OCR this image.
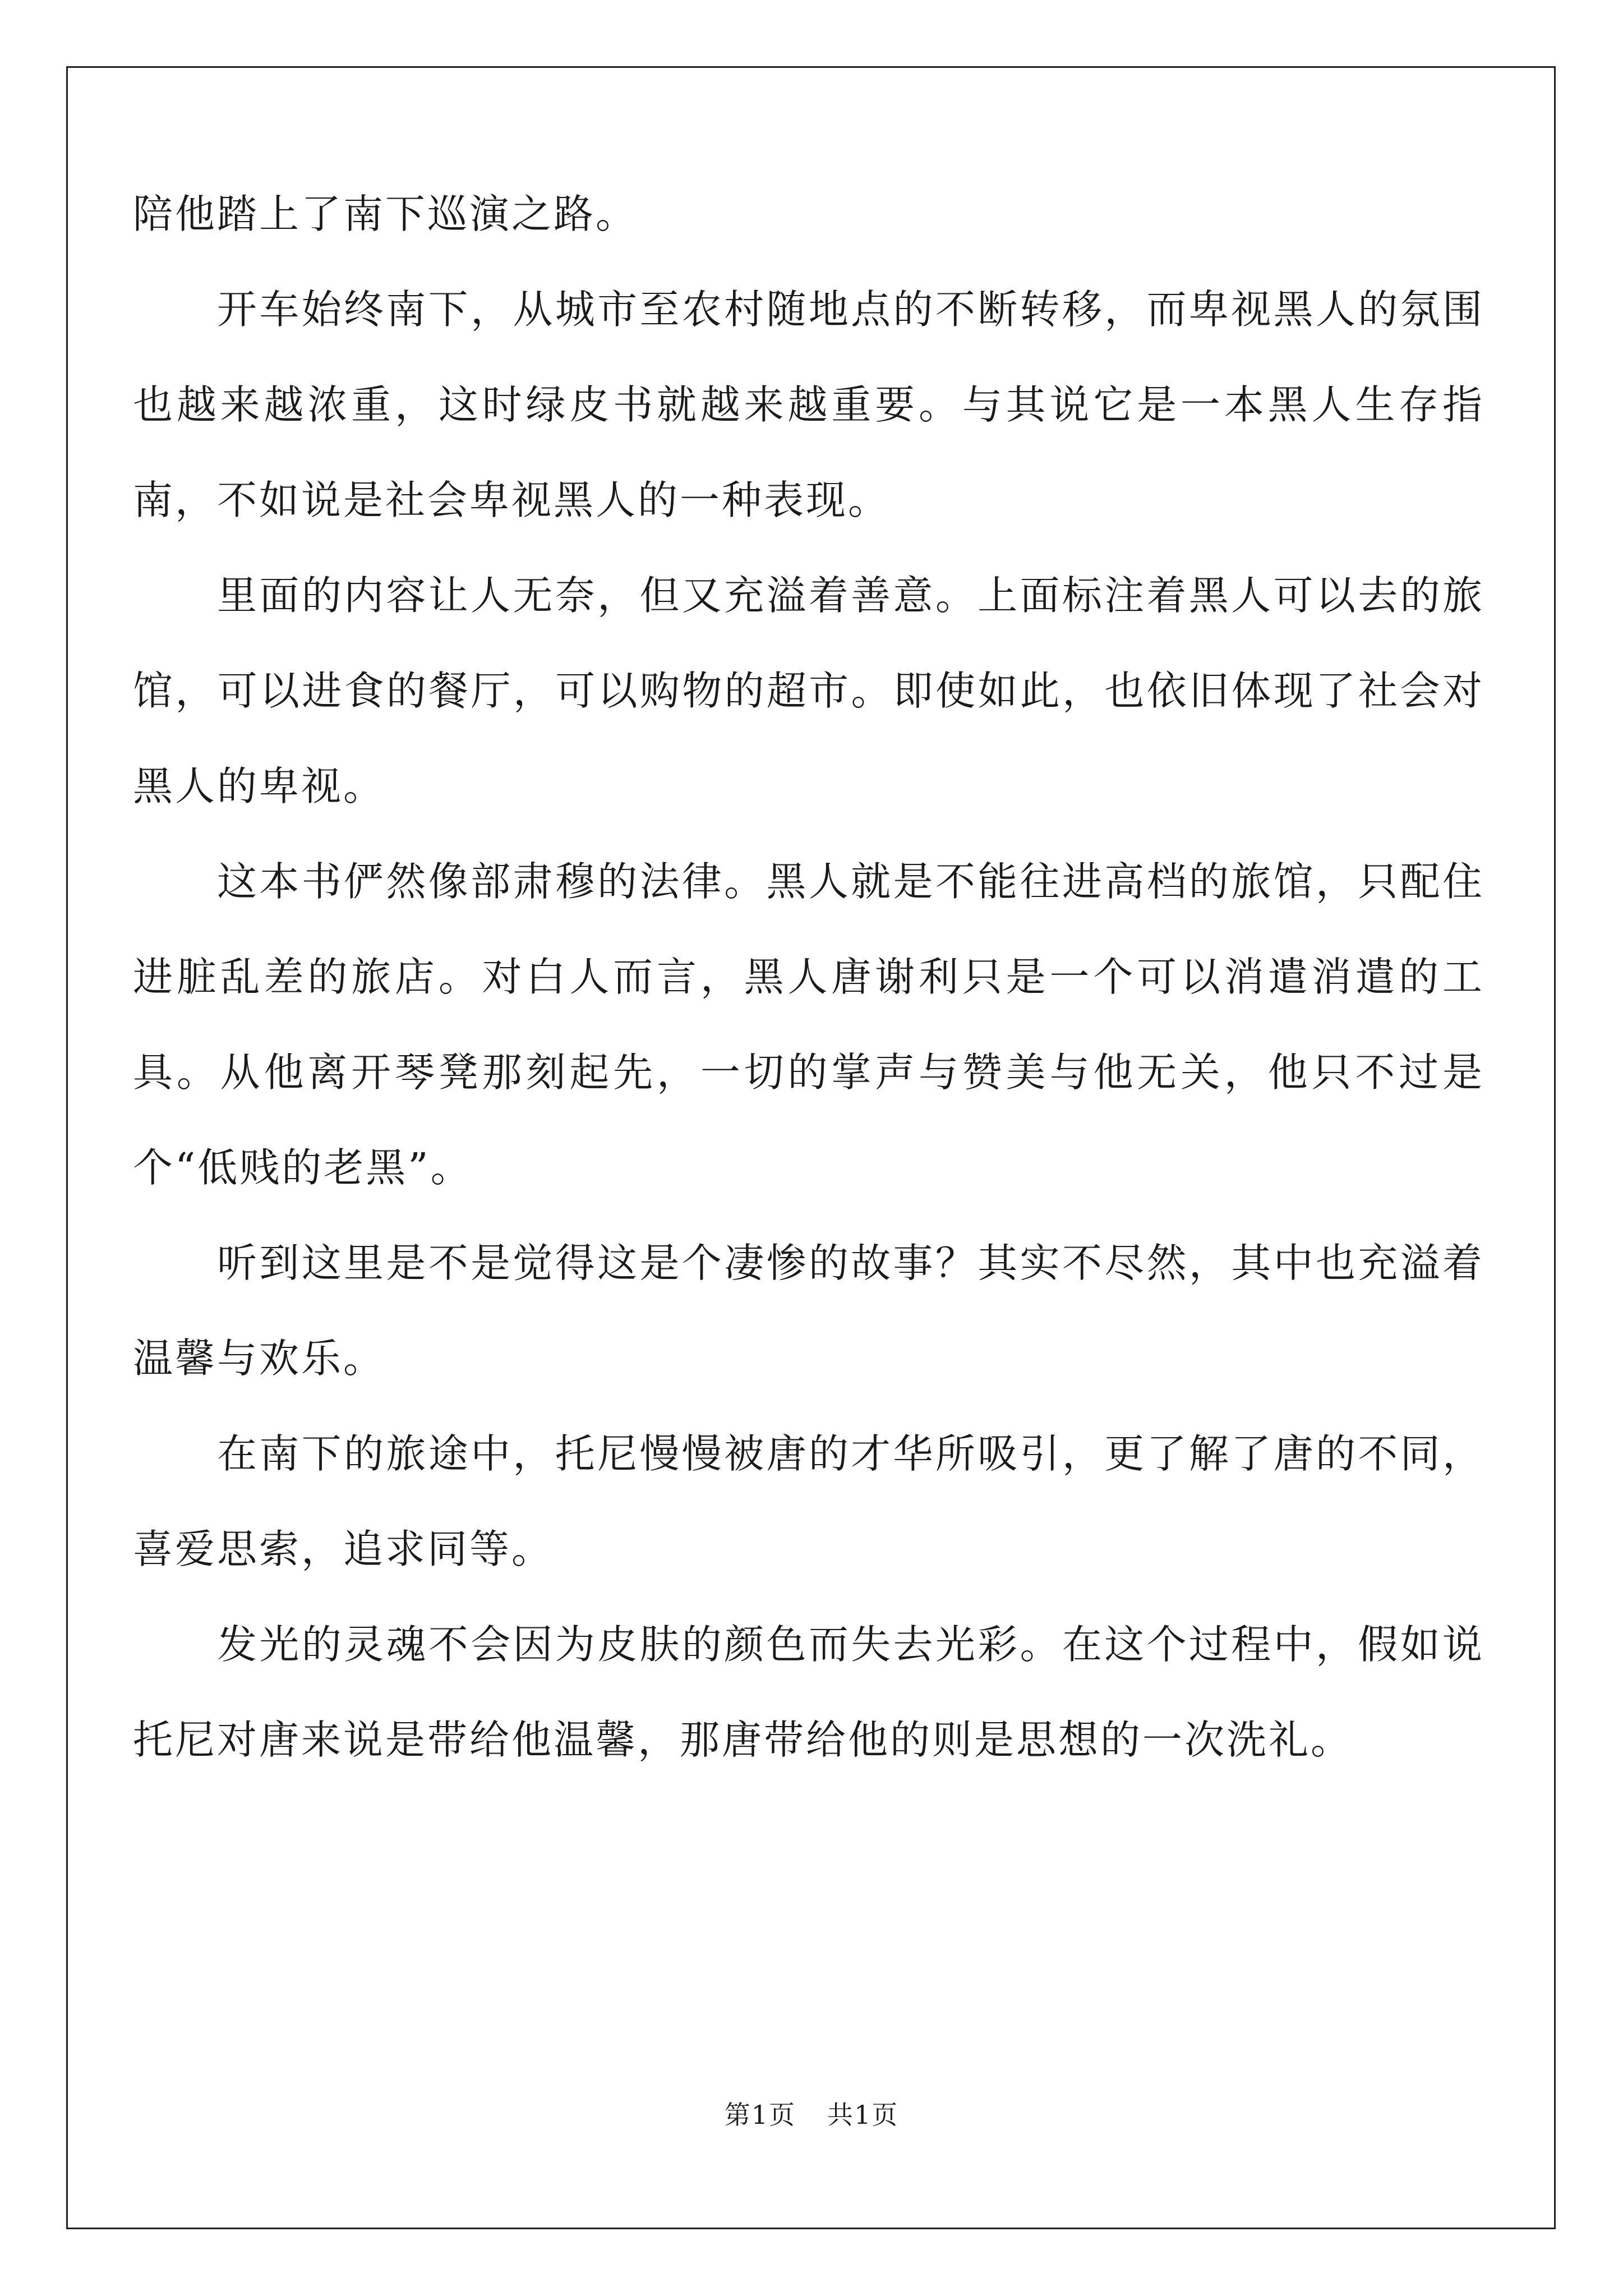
陪他踏上了南下巡演之路。

开车始终南下，从城市至农村随地点的不断转移，而卑视黑人的氛围也越来越浓重，这时绿皮书就越来越重要。与其说它是一本黑人生存指南，不如说是社会卑视黑人的一种表现。

里面的内容让人无奈，但又充溢着善意。上面标注着黑人可以去的旅馆，可以进食的餐厅，可以购物的超市。即使如此，也依旧体现了社会对黑人的卑视。

这本书俨然像部肃穆的法律。黑人就是不能往进高档的旅馆，只配住进脏乱差的旅店。对白人而言，黑人唐谢利只是一个可以消遣消遣的工具。从他离开琴凳那刻起先，一切的掌声与赞美与他无关，他只不过是个“低贱的老黑”。

听到这里是不是觉得这是个凄惨的故事？其实不尽然，其中也充溢着温馨与欢乐。

在南下的旅途中，托尼慢慢被唐的才华所吸引，更了解了唐的不同，喜爱思索，追求同等。

发光的灵魂不会因为皮肤的颜色而失去光彩。在这个过程中，假如说托尼对唐来说是带给他温馨，那唐带给他的则是思想的一次洗礼。

第1页 共1页
